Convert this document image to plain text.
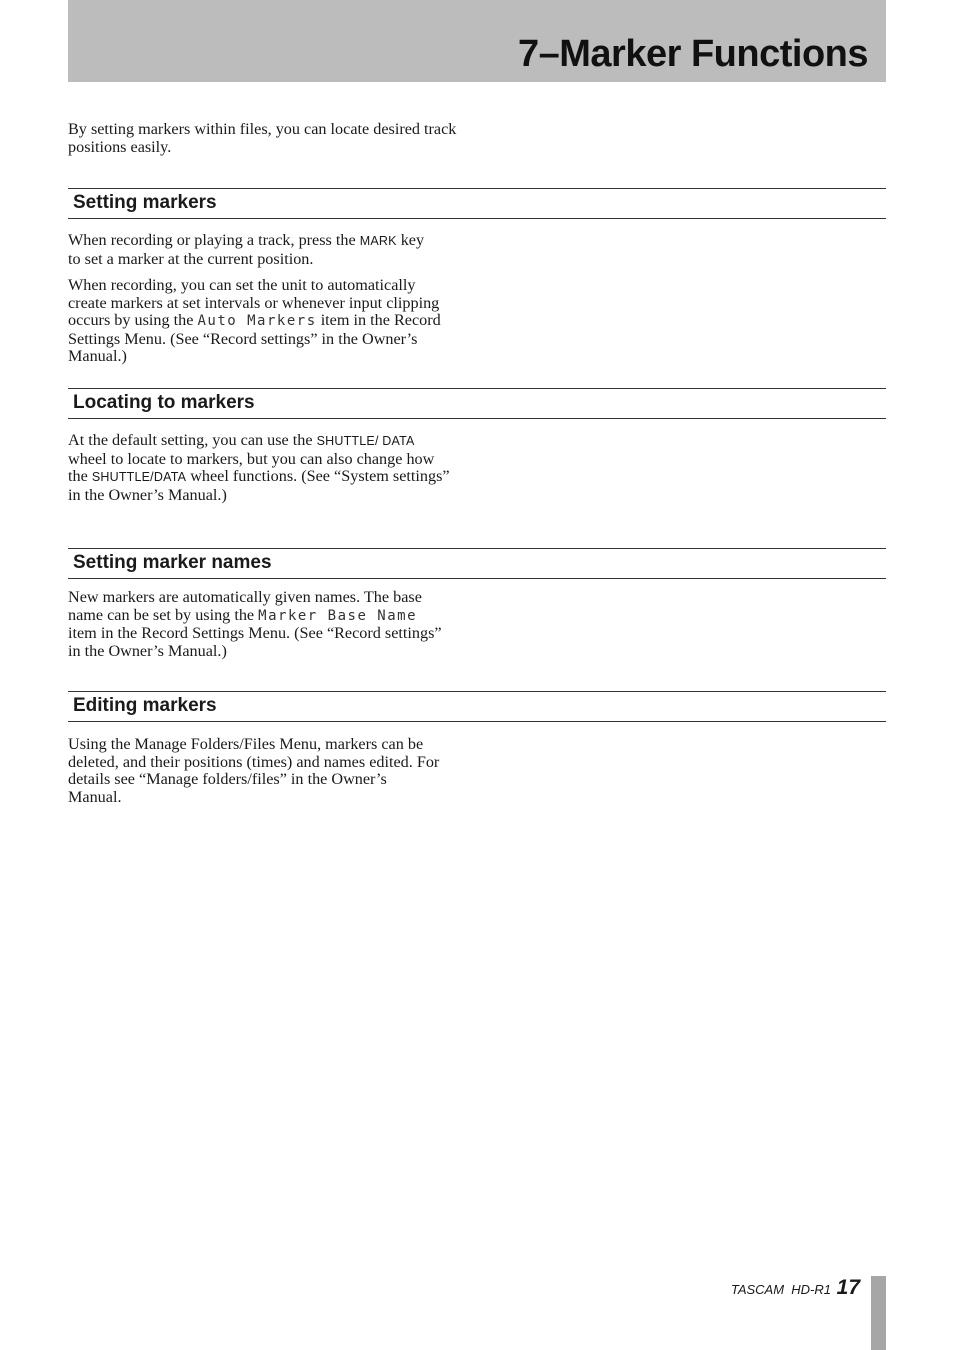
7–Marker Functions

By setting markers within files, you can locate desired track positions easily.

Setting markers

When recording or playing a track, press the MARK key to set a marker at the current position.

When recording, you can set the unit to automatically create markers at set intervals or whenever input clipping occurs by using the Auto Markers item in the Record Settings Menu. (See “Record settings” in the Owner’s Manual.)

Locating to markers

At the default setting, you can use the SHUTTLE/ DATA wheel to locate to markers, but you can also change how the SHUTTLE/DATA wheel functions. (See “System settings” in the Owner’s Manual.)

Setting marker names

New markers are automatically given names. The base name can be set by using the Marker Base Name item in the Record Settings Menu. (See “Record settings” in the Owner’s Manual.)

Editing markers

Using the Manage Folders/Files Menu, markers can be deleted, and their positions (times) and names edited. For details see “Manage folders/files” in the Owner’s Manual.

TASCAM  HD-R1 17
